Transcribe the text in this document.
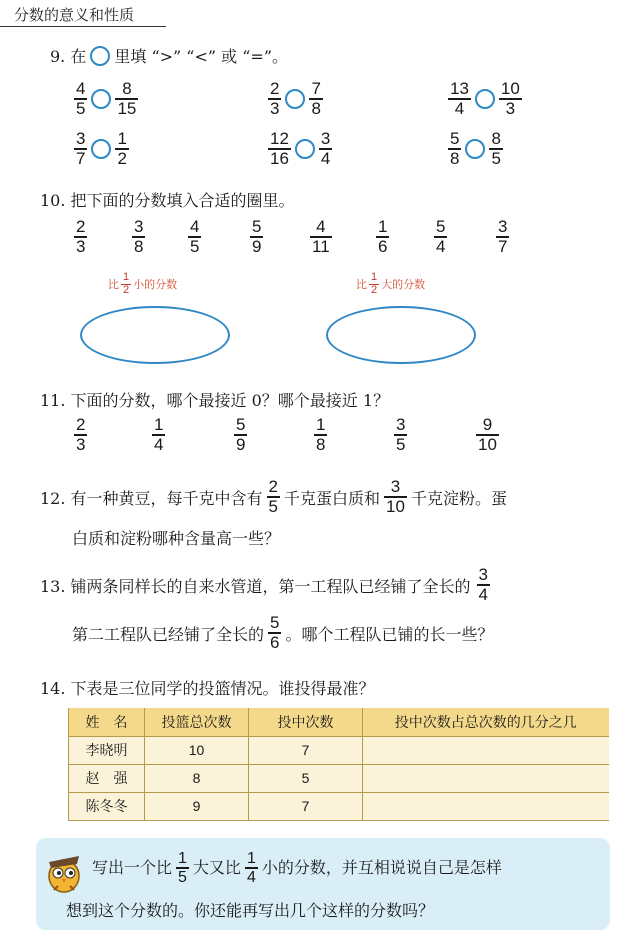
分数的意义和性质
9. 在 里填 “>” “<” 或 “=”。
$\frac{4}{5} \frac{8}{15}$	$\frac{2}{3} \frac{7}{8}$	$\frac{13}{4} \frac{10}{3}$
$\frac{3}{7} \frac{1}{2}$	$\frac{12}{16} \frac{3}{4}$	$\frac{5}{8} \frac{8}{5}$
10. 把下面的分数填入合适的圈里。
$\frac{2}{3}$	$\frac{3}{8}$	$\frac{4}{5}$	$\frac{5}{9}$	$\frac{4}{11}$	$\frac{1}{6}$	$\frac{5}{4}$	$\frac{3}{7}$
比 $\frac{1}{2}$ 小的分数	比 $\frac{1}{2}$ 大的分数
11. 下面的分数，哪个最接近 0？哪个最接近 1？
$\frac{2}{3}$	$\frac{1}{4}$	$\frac{5}{9}$	$\frac{1}{8}$	$\frac{3}{5}$	$\frac{9}{10}$
12. 有一种黄豆，每千克中含有 $\frac{2}{5}$ 千克蛋白质和 $\frac{3}{10}$ 千克淀粉。蛋
白质和淀粉哪种含量高一些？
13. 铺两条同样长的自来水管道，第一工程队已经铺了全长的 $\frac{3}{4}$
第二工程队已经铺了全长的 $\frac{5}{6}$ 。哪个工程队已铺的长一些？
14. 下表是三位同学的投篮情况。谁投得最准？
姓　名	投篮总次数	投中次数	投中次数占总次数的几分之几
李晓明	10	7	
赵　强	8	5	
陈冬冬	9	7	
写出一个比 $\frac{1}{5}$ 大又比 $\frac{1}{4}$ 小的分数，并互相说说自己是怎样
想到这个分数的。你还能再写出几个这样的分数吗？
